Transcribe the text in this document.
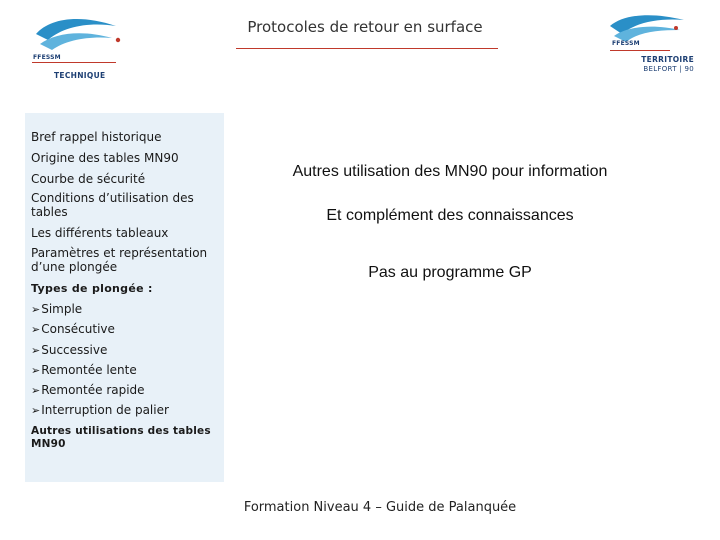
Protocoles de retour en surface
FFESSM
TECHNIQUE
FFESSM
TERRITOIRE
BELFORT | 90
Bref rappel historique
Origine des tables MN90
Courbe de sécurité
Conditions d’utilisation des tables
Les différents tableaux
Paramètres et représentation d’une plongée
Types de plongée :
➢Simple
➢Consécutive
➢Successive
➢Remontée lente
➢Remontée rapide
➢Interruption de palier
Autres utilisations des tables MN90
Autres utilisation des MN90 pour information
Et complément des connaissances
Pas au programme GP
Formation Niveau 4 – Guide de Palanquée
